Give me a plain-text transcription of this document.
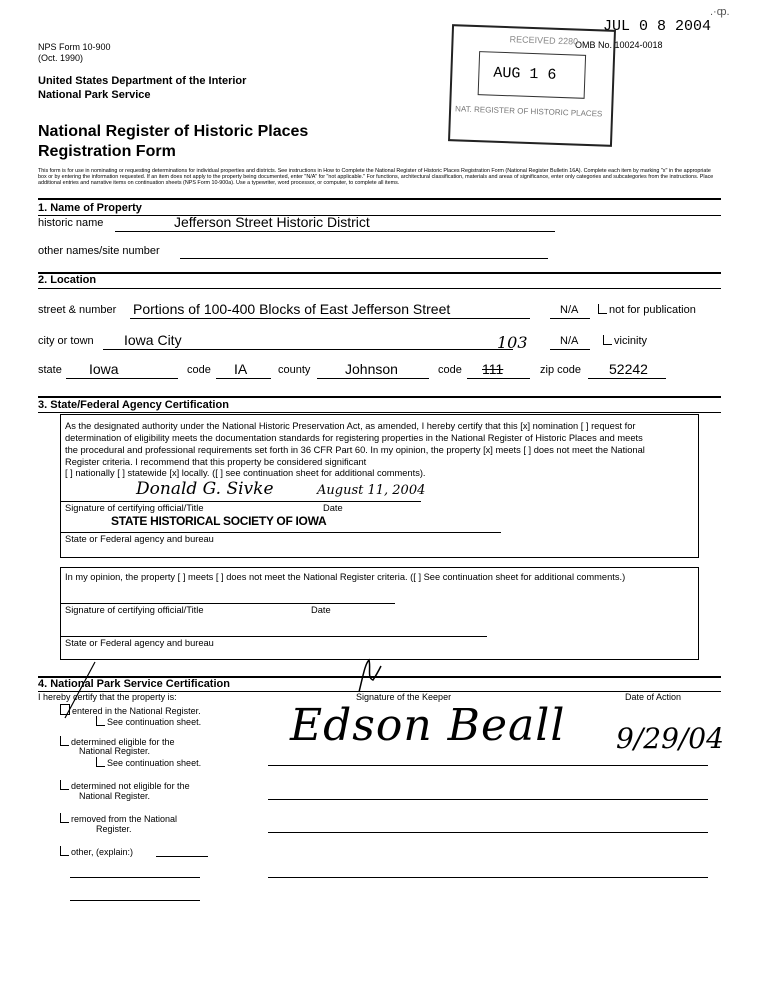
NPS Form 10-900
(Oct. 1990)
United States Department of the Interior
National Park Service
OMB No. 10024-0018
National Register of Historic Places
Registration Form
This form is for use in nominating or requesting determinations for individual properties and districts. See instructions in How to Complete the National Register of Historic Places Registration Form (National Register Bulletin 16A). Complete each item by marking "x" in the appropriate
box or by entering the information requested. If an item does not apply to the property being documented, enter "N/A" for "not applicable." For functions, architectural classification, materials and areas of significance, enter only categories and subcategories from the instructions. Place
additional entries and narrative items on continuation sheets (NPS Form 10-900a). Use a typewriter, word processor, or computer, to complete all items.
JUL 0 8 2004
.·ȹ.
RECEIVED 2280
AUG 1 6
NAT. REGISTER OF HISTORIC PLACES
1. Name of Property
historic name	Jefferson Street Historic District
other names/site number
2. Location
street & number Portions of 100-400 Blocks of East Jefferson Street	N/A	not for publication
city or town Iowa City	N/A	vicinity
state Iowa	code IA	county Johnson	code 111
103
zip code 52242
3. State/Federal Agency Certification
As the designated authority under the National Historic Preservation Act, as amended, I hereby certify that this [x] nomination [ ] request for
determination of eligibility meets the documentation standards for registering properties in the National Register of Historic Places and meets
the procedural and professional requirements set forth in 36 CFR Part 60. In my opinion, the property [x] meets [ ] does not meet the National
Register criteria. I recommend that this property be considered significant
[ ] nationally [ ] statewide [x] locally. ([ ] see continuation sheet for additional comments).
Donald G. Sivke	August 11, 2004
Signature of certifying official/Title	Date
STATE HISTORICAL SOCIETY OF IOWA
State or Federal agency and bureau
In my opinion, the property [ ] meets [ ] does not meet the National Register criteria. ([ ] See continuation sheet for additional comments.)
Signature of certifying official/Title	Date
State or Federal agency and bureau
4. National Park Service Certification
I hereby certify that the property is:	Signature of the Keeper	Date of Action
entered in the National Register.
See continuation sheet.
determined eligible for the
National Register.
See continuation sheet.
determined not eligible for the
National Register.
removed from the National
Register.
other, (explain:)
Edson Beall 9/29/04
